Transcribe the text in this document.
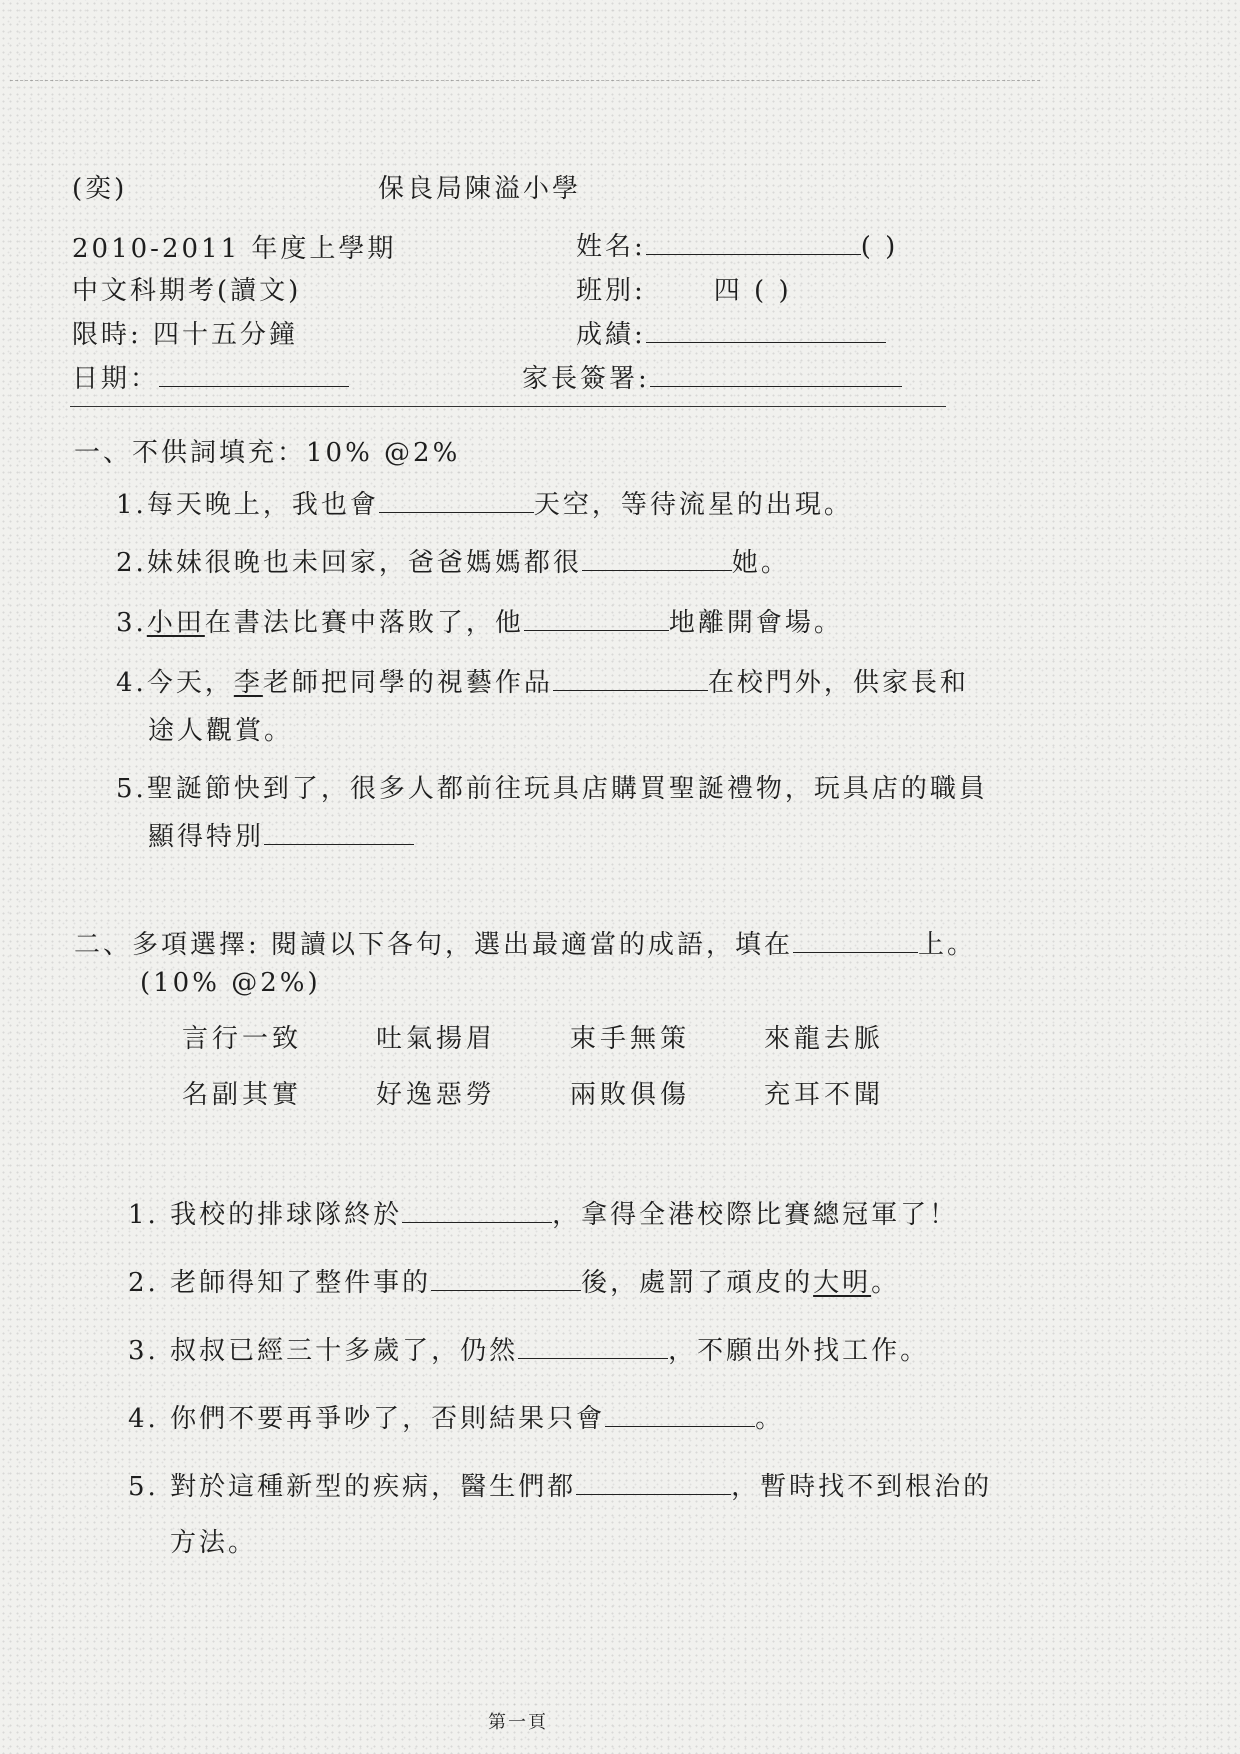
(奕)	保良局陳溢小學
2010-2011 年度上學期
中文科期考(讀文)
限時: 四十五分鐘
日期：
姓名:	( )
班別:	四 ( )
成績:
家長簽署:
一、不供詞填充：10% @2%
1.每天晚上，我也會	天空，等待流星的出現。
2.妹妹很晚也未回家，爸爸媽媽都很	她。
3.小田在書法比賽中落敗了，他	地離開會場。
4.今天，李老師把同學的視藝作品	在校門外，供家長和
途人觀賞。
5.聖誕節快到了，很多人都前往玩具店購買聖誕禮物，玩具店的職員
顯得特別
二、多項選擇: 閱讀以下各句，選出最適當的成語，填在	上。
(10% @2%)
言行一致	吐氣揚眉	束手無策	來龍去脈
名副其實	好逸惡勞	兩敗俱傷	充耳不聞
1. 我校的排球隊終於	，拿得全港校際比賽總冠軍了！
2. 老師得知了整件事的	後，處罰了頑皮的大明。
3. 叔叔已經三十多歲了，仍然	，不願出外找工作。
4. 你們不要再爭吵了，否則結果只會	。
5. 對於這種新型的疾病，醫生們都	，暫時找不到根治的
方法。
第一頁
